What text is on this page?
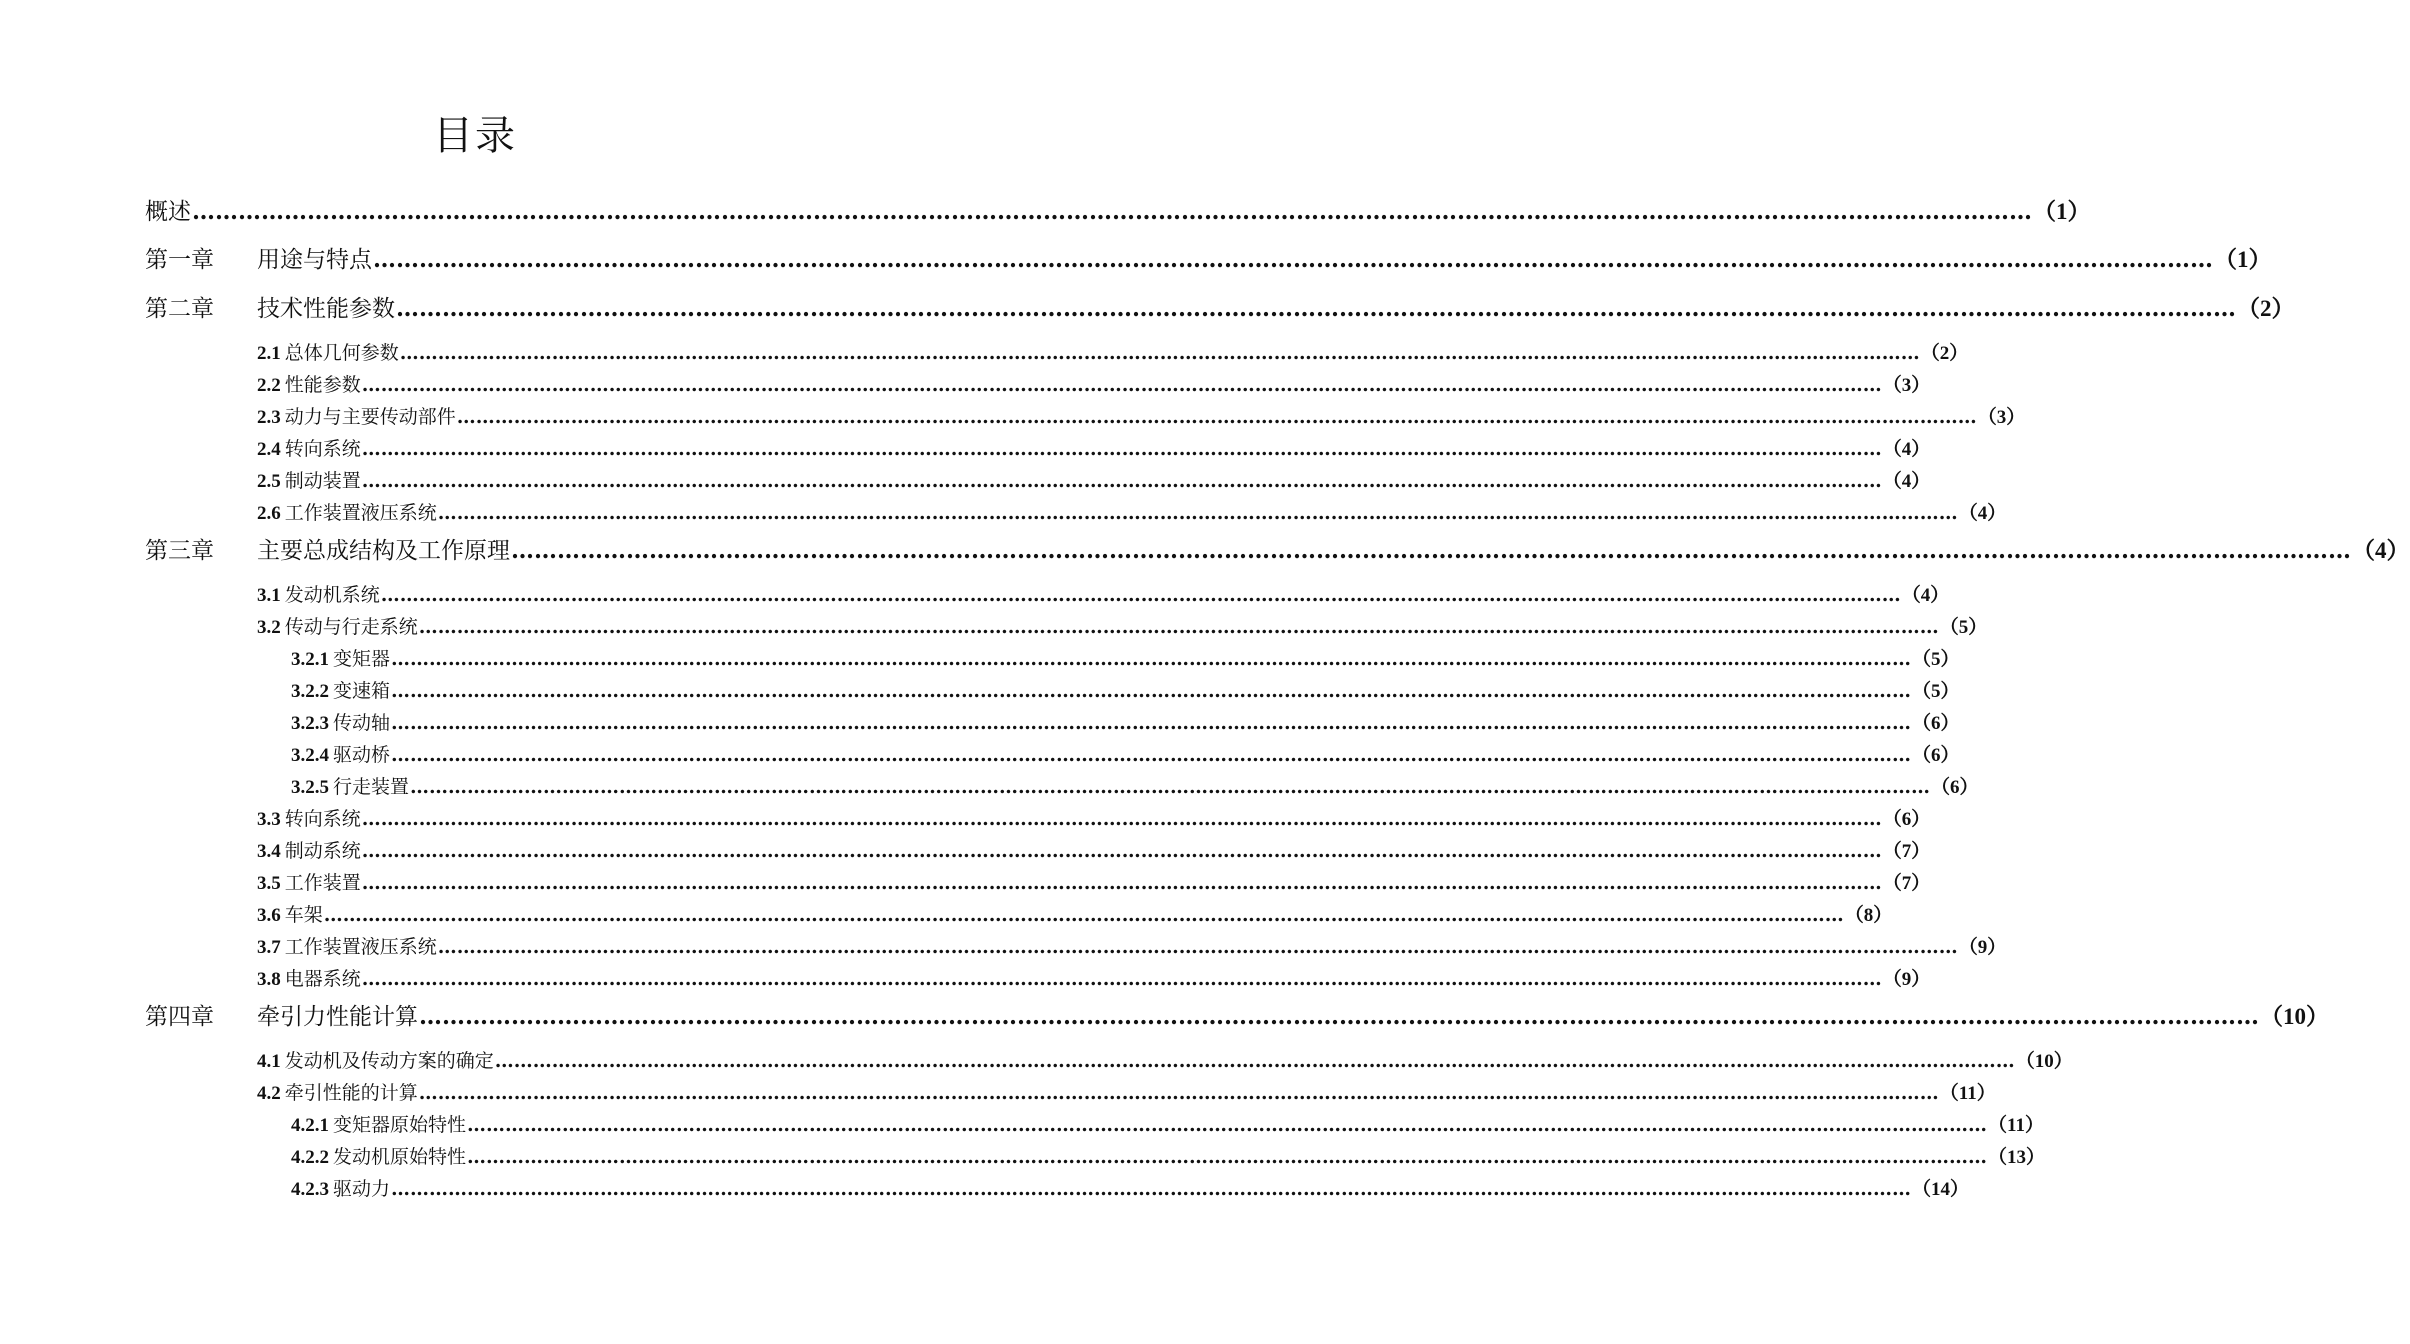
目录
概述 …………………………………………………………………………………………………………………………………………………………………………………………………………………… （1）
第一章 用途与特点 …………………………………………………………………………………………………………………………………………………………………………………………………………………… （1）
第二章 技术性能参数 …………………………………………………………………………………………………………………………………………………………………………………………………………………… （2）
2.1 总体几何参数 …………………………………………………………………………………………………………………………………………………………………………………………………………………… （2）
2.2 性能参数 …………………………………………………………………………………………………………………………………………………………………………………………………………………… （3）
2.3 动力与主要传动部件 …………………………………………………………………………………………………………………………………………………………………………………………………………………… （3）
2.4 转向系统 …………………………………………………………………………………………………………………………………………………………………………………………………………………… （4）
2.5 制动装置 …………………………………………………………………………………………………………………………………………………………………………………………………………………… （4）
2.6 工作装置液压系统 …………………………………………………………………………………………………………………………………………………………………………………………………………………… （4）
第三章 主要总成结构及工作原理 …………………………………………………………………………………………………………………………………………………………………………………………………………………… （4）
3.1 发动机系统 …………………………………………………………………………………………………………………………………………………………………………………………………………………… （4）
3.2 传动与行走系统 …………………………………………………………………………………………………………………………………………………………………………………………………………………… （5）
3.2.1 变矩器 …………………………………………………………………………………………………………………………………………………………………………………………………………………… （5）
3.2.2 变速箱 …………………………………………………………………………………………………………………………………………………………………………………………………………………… （5）
3.2.3 传动轴 …………………………………………………………………………………………………………………………………………………………………………………………………………………… （6）
3.2.4 驱动桥 …………………………………………………………………………………………………………………………………………………………………………………………………………………… （6）
3.2.5 行走装置 …………………………………………………………………………………………………………………………………………………………………………………………………………………… （6）
3.3 转向系统 …………………………………………………………………………………………………………………………………………………………………………………………………………………… （6）
3.4 制动系统 …………………………………………………………………………………………………………………………………………………………………………………………………………………… （7）
3.5 工作装置 …………………………………………………………………………………………………………………………………………………………………………………………………………………… （7）
3.6 车架 …………………………………………………………………………………………………………………………………………………………………………………………………………………… （8）
3.7 工作装置液压系统 …………………………………………………………………………………………………………………………………………………………………………………………………………………… （9）
3.8 电器系统 …………………………………………………………………………………………………………………………………………………………………………………………………………………… （9）
第四章 牵引力性能计算 …………………………………………………………………………………………………………………………………………………………………………………………………………………… （10）
4.1 发动机及传动方案的确定 …………………………………………………………………………………………………………………………………………………………………………………………………………………… （10）
4.2 牵引性能的计算 …………………………………………………………………………………………………………………………………………………………………………………………………………………… （11）
4.2.1 变矩器原始特性 …………………………………………………………………………………………………………………………………………………………………………………………………………………… （11）
4.2.2 发动机原始特性 …………………………………………………………………………………………………………………………………………………………………………………………………………………… （13）
4.2.3 驱动力 …………………………………………………………………………………………………………………………………………………………………………………………………………………… （14）
